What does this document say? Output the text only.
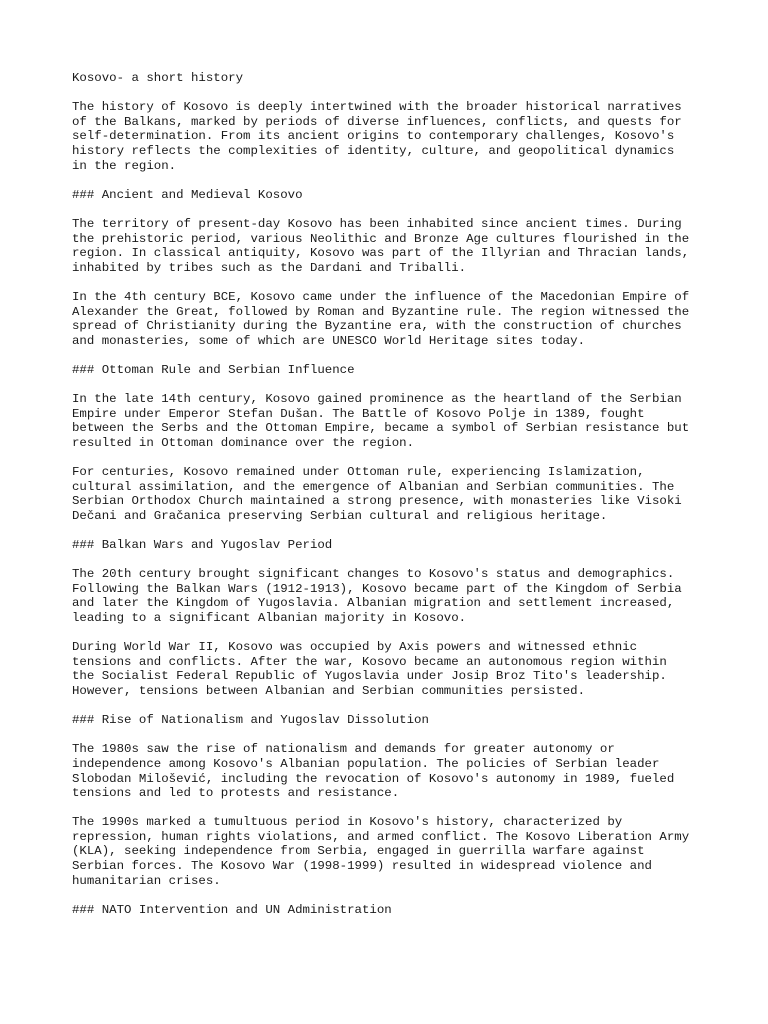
Kosovo- a short history
The history of Kosovo is deeply intertwined with the broader historical narratives
of the Balkans, marked by periods of diverse influences, conflicts, and quests for
self-determination. From its ancient origins to contemporary challenges, Kosovo's
history reflects the complexities of identity, culture, and geopolitical dynamics
in the region.
### Ancient and Medieval Kosovo
The territory of present-day Kosovo has been inhabited since ancient times. During
the prehistoric period, various Neolithic and Bronze Age cultures flourished in the
region. In classical antiquity, Kosovo was part of the Illyrian and Thracian lands,
inhabited by tribes such as the Dardani and Triballi.
In the 4th century BCE, Kosovo came under the influence of the Macedonian Empire of
Alexander the Great, followed by Roman and Byzantine rule. The region witnessed the
spread of Christianity during the Byzantine era, with the construction of churches
and monasteries, some of which are UNESCO World Heritage sites today.
### Ottoman Rule and Serbian Influence
In the late 14th century, Kosovo gained prominence as the heartland of the Serbian
Empire under Emperor Stefan Dušan. The Battle of Kosovo Polje in 1389, fought
between the Serbs and the Ottoman Empire, became a symbol of Serbian resistance but
resulted in Ottoman dominance over the region.
For centuries, Kosovo remained under Ottoman rule, experiencing Islamization,
cultural assimilation, and the emergence of Albanian and Serbian communities. The
Serbian Orthodox Church maintained a strong presence, with monasteries like Visoki
Dečani and Gračanica preserving Serbian cultural and religious heritage.
### Balkan Wars and Yugoslav Period
The 20th century brought significant changes to Kosovo's status and demographics.
Following the Balkan Wars (1912-1913), Kosovo became part of the Kingdom of Serbia
and later the Kingdom of Yugoslavia. Albanian migration and settlement increased,
leading to a significant Albanian majority in Kosovo.
During World War II, Kosovo was occupied by Axis powers and witnessed ethnic
tensions and conflicts. After the war, Kosovo became an autonomous region within
the Socialist Federal Republic of Yugoslavia under Josip Broz Tito's leadership.
However, tensions between Albanian and Serbian communities persisted.
### Rise of Nationalism and Yugoslav Dissolution
The 1980s saw the rise of nationalism and demands for greater autonomy or
independence among Kosovo's Albanian population. The policies of Serbian leader
Slobodan Milošević, including the revocation of Kosovo's autonomy in 1989, fueled
tensions and led to protests and resistance.
The 1990s marked a tumultuous period in Kosovo's history, characterized by
repression, human rights violations, and armed conflict. The Kosovo Liberation Army
(KLA), seeking independence from Serbia, engaged in guerrilla warfare against
Serbian forces. The Kosovo War (1998-1999) resulted in widespread violence and
humanitarian crises.
### NATO Intervention and UN Administration
